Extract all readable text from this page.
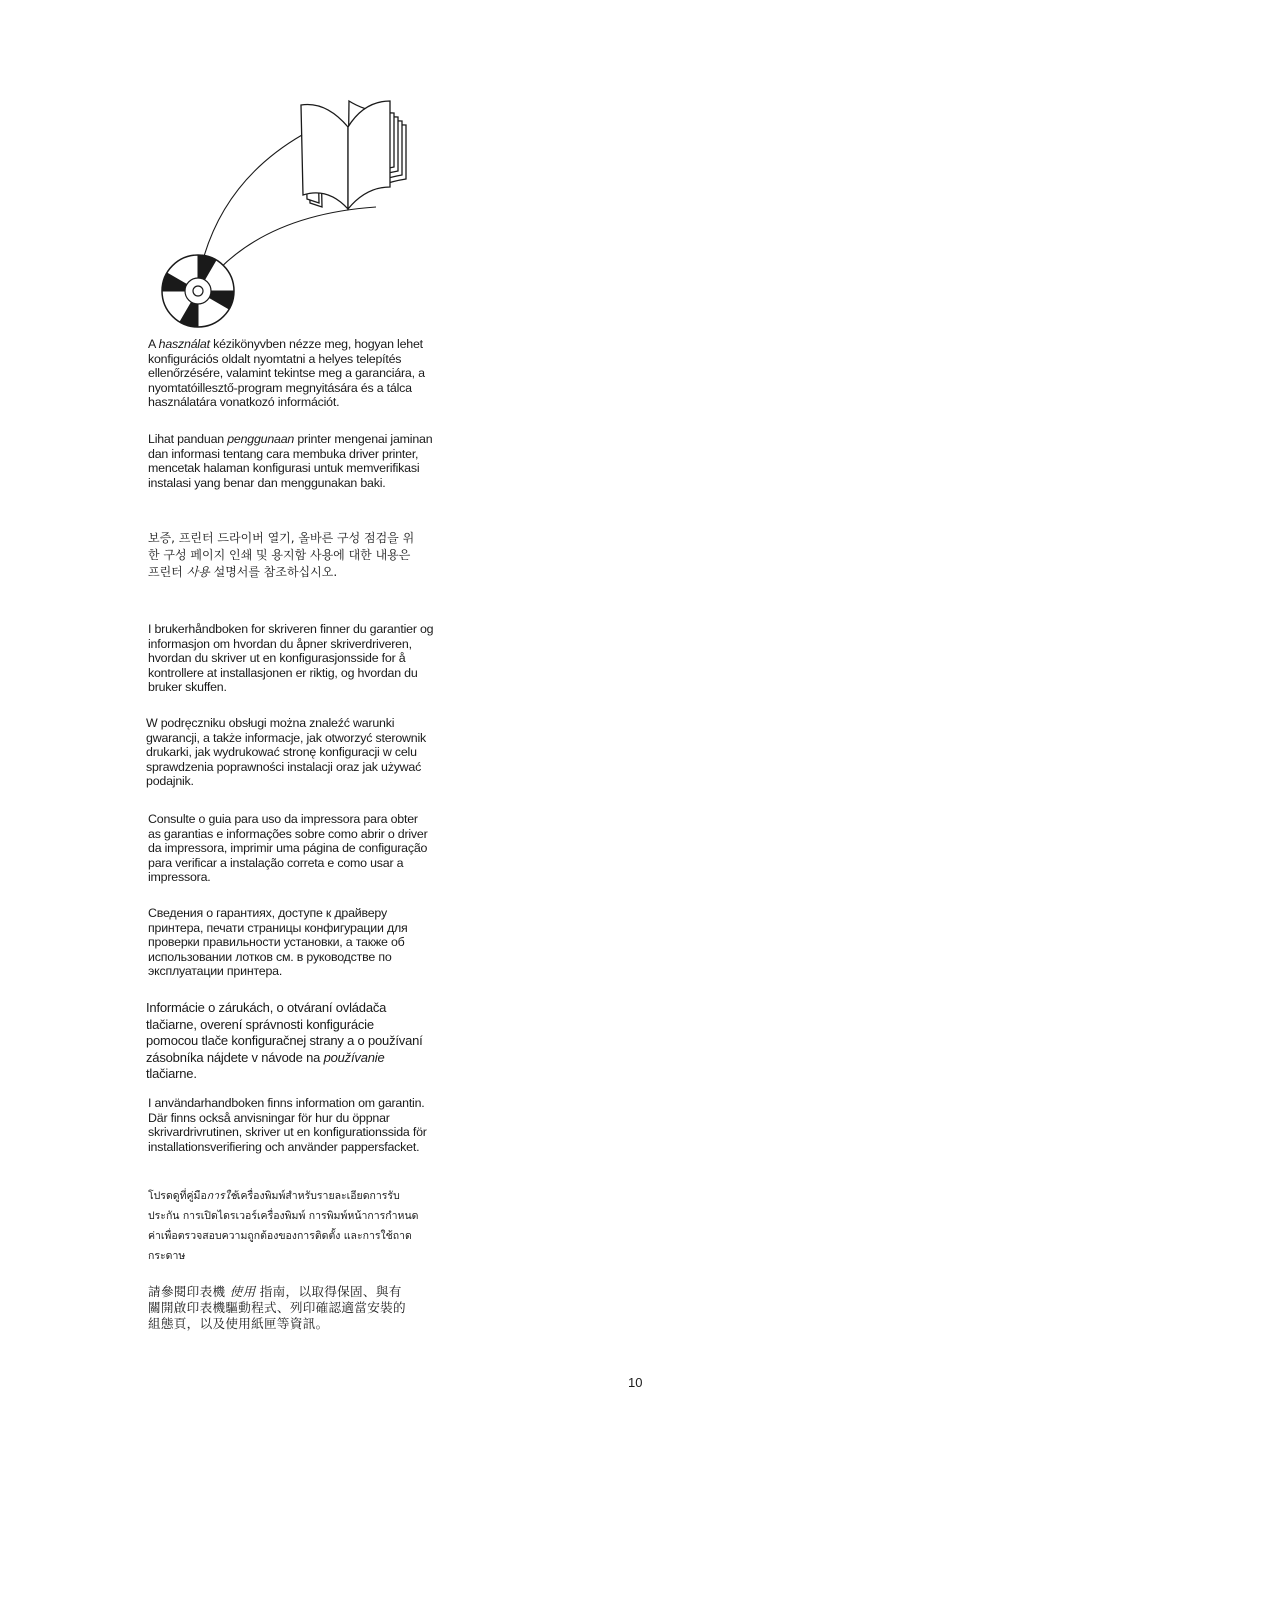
A használat kézikönyvben nézze meg, hogyan lehet konfigurációs oldalt nyomtatni a helyes telepítés ellenőrzésére, valamint tekintse meg a garanciára, a nyomtatóillesztő-program megnyitására és a tálca használatára vonatkozó információt.

Lihat panduan penggunaan printer mengenai jaminan dan informasi tentang cara membuka driver printer, mencetak halaman konfigurasi untuk memverifikasi instalasi yang benar dan menggunakan baki.

보증, 프린터 드라이버 열기, 올바른 구성 점검을 위한 구성 페이지 인쇄 및 용지함 사용에 대한 내용은 프린터 사용 설명서를 참조하십시오.

I brukerhåndboken for skriveren finner du garantier og informasjon om hvordan du åpner skriverdriveren, hvordan du skriver ut en konfigurasjonsside for å kontrollere at installasjonen er riktig, og hvordan du bruker skuffen.

W podręczniku obsługi można znaleźć warunki gwarancji, a także informacje, jak otworzyć sterownik drukarki, jak wydrukować stronę konfiguracji w celu sprawdzenia poprawności instalacji oraz jak używać podajnik.

Consulte o guia para uso da impressora para obter as garantias e informações sobre como abrir o driver da impressora, imprimir uma página de configuração para verificar a instalação correta e como usar a impressora.

Сведения о гарантиях, доступе к драйверу принтера, печати страницы конфигурации для проверки правильности установки, а также об использовании лотков см. в руководстве по эксплуатации принтера.

Informácie o zárukách, o otváraní ovládača tlačiarne, overení správnosti konfigurácie pomocou tlače konfiguračnej strany a o používaní zásobníka nájdete v návode na používanie tlačiarne.

I användarhandboken finns information om garantin. Där finns också anvisningar för hur du öppnar skrivardrivrutinen, skriver ut en konfigurationssida för installationsverifiering och använder pappersfacket.

โปรดดูที่คู่มือการใช้เครื่องพิมพ์สำหรับรายละเอียดการรับประกัน การเปิดไดรเวอร์เครื่องพิมพ์ การพิมพ์หน้าการกำหนดค่าเพื่อตรวจสอบความถูกต้องของการติดตั้ง และการใช้ถาดกระดาษ

請參閱印表機 使用 指南，以取得保固、與有關開啟印表機驅動程式、列印確認適當安裝的組態頁，以及使用紙匣等資訊。

10
